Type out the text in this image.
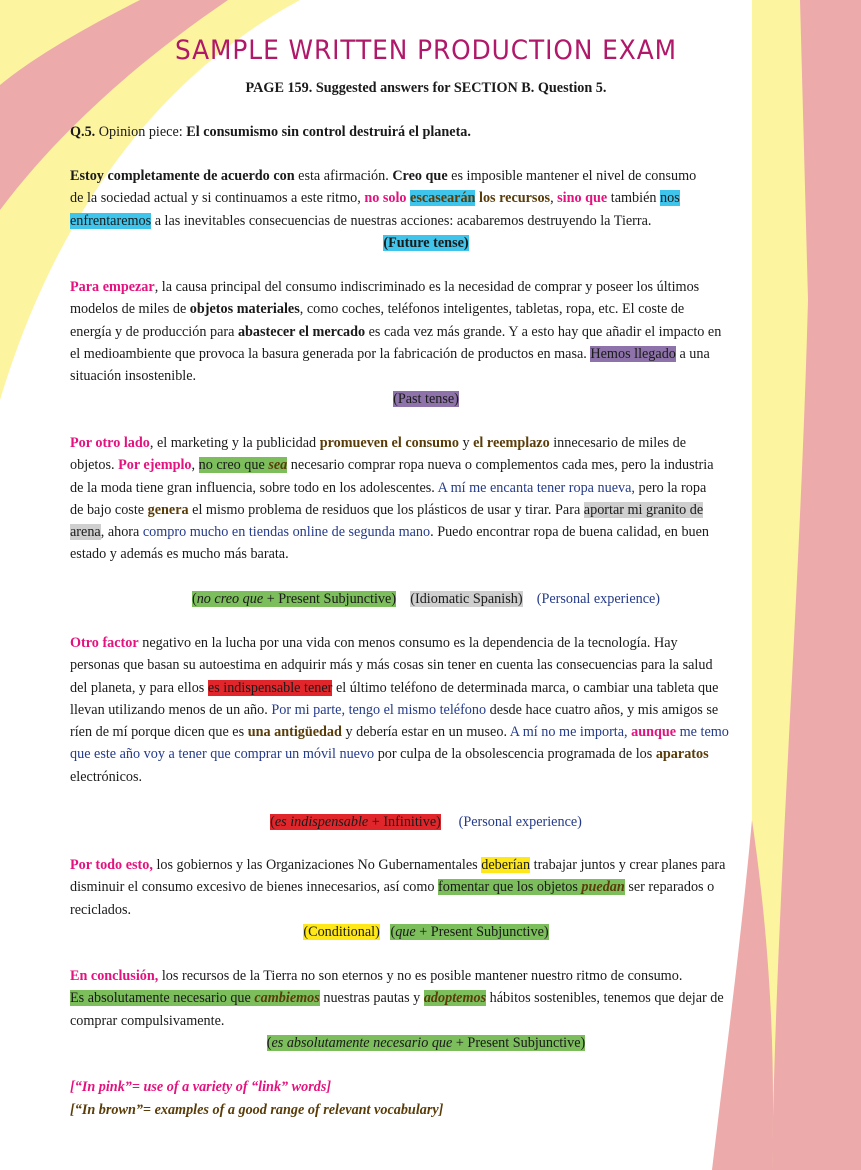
SAMPLE WRITTEN PRODUCTION EXAM
PAGE 159. Suggested answers for SECTION B. Question 5.
Q.5. Opinion piece: El consumismo sin control destruirá el planeta.
Estoy completamente de acuerdo con esta afirmación. Creo que es imposible mantener el nivel de consumo
de la sociedad actual y si continuamos a este ritmo, no solo escasearán los recursos, sino que también nos
enfrentaremos a las inevitables consecuencias de nuestras acciones: acabaremos destruyendo la Tierra.
(Future tense)
Para empezar, la causa principal del consumo indiscriminado es la necesidad de comprar y poseer los últimos
modelos de miles de objetos materiales, como coches, teléfonos inteligentes, tabletas, ropa, etc. El coste de
energía y de producción para abastecer el mercado es cada vez más grande. Y a esto hay que añadir el impacto en
el medioambiente que provoca la basura generada por la fabricación de productos en masa. Hemos llegado a una
situación insostenible.
(Past tense)
Por otro lado, el marketing y la publicidad promueven el consumo y el reemplazo innecesario de miles de
objetos. Por ejemplo, no creo que sea necesario comprar ropa nueva o complementos cada mes, pero la industria
de la moda tiene gran influencia, sobre todo en los adolescentes. A mí me encanta tener ropa nueva, pero la ropa
de bajo coste genera el mismo problema de residuos que los plásticos de usar y tirar. Para aportar mi granito de
arena, ahora compro mucho en tiendas online de segunda mano. Puedo encontrar ropa de buena calidad, en buen
estado y además es mucho más barata.
(no creo que + Present Subjunctive) (Idiomatic Spanish) (Personal experience)
Otro factor negativo en la lucha por una vida con menos consumo es la dependencia de la tecnología. Hay
personas que basan su autoestima en adquirir más y más cosas sin tener en cuenta las consecuencias para la salud
del planeta, y para ellos es indispensable tener el último teléfono de determinada marca, o cambiar una tableta que
llevan utilizando menos de un año. Por mi parte, tengo el mismo teléfono desde hace cuatro años, y mis amigos se
ríen de mí porque dicen que es una antigüedad y debería estar en un museo. A mí no me importa, aunque me temo
que este año voy a tener que comprar un móvil nuevo por culpa de la obsolescencia programada de los aparatos
electrónicos.
(es indispensable + Infinitive) (Personal experience)
Por todo esto, los gobiernos y las Organizaciones No Gubernamentales deberían trabajar juntos y crear planes para
disminuir el consumo excesivo de bienes innecesarios, así como fomentar que los objetos puedan ser reparados o
reciclados.
(Conditional) (que + Present Subjunctive)
En conclusión, los recursos de la Tierra no son eternos y no es posible mantener nuestro ritmo de consumo.
Es absolutamente necesario que cambiemos nuestras pautas y adoptemos hábitos sostenibles, tenemos que dejar de
comprar compulsivamente.
(es absolutamente necesario que + Present Subjunctive)
[“In pink”= use of a variety of “link” words]
[“In brown”= examples of a good range of relevant vocabulary]
